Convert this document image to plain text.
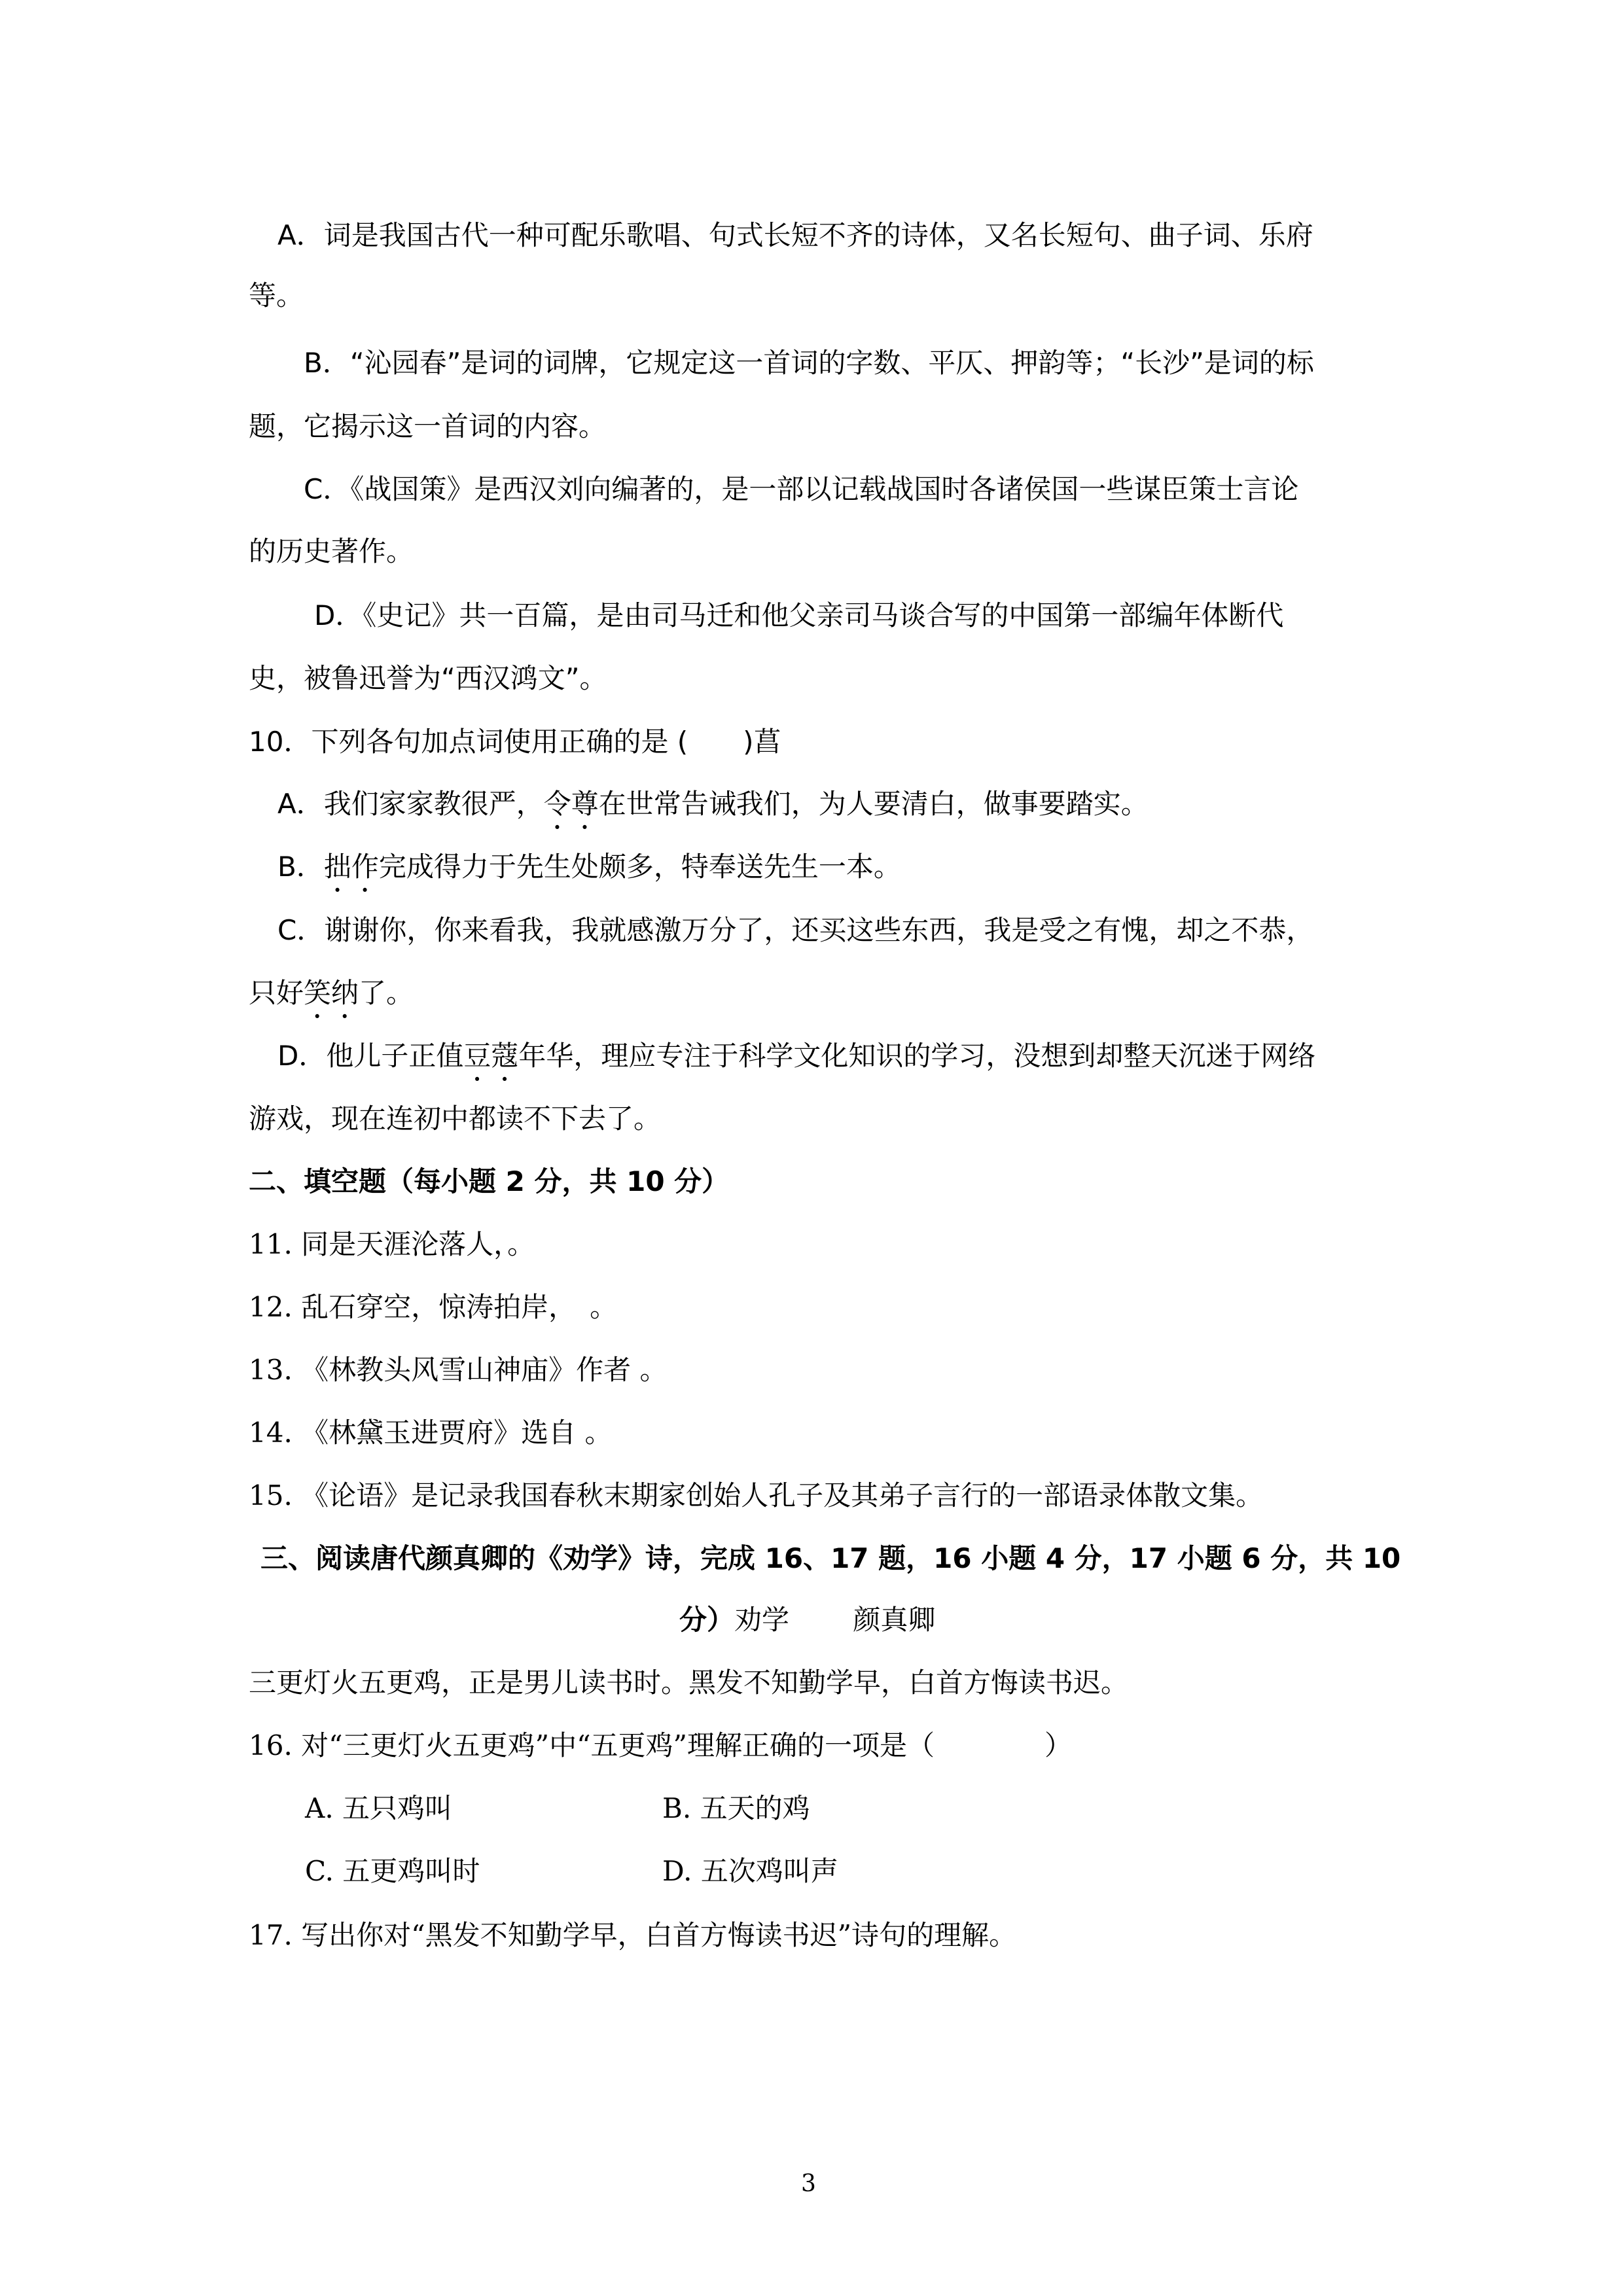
A．词是我国古代一种可配乐歌唱、句式长短不齐的诗体，又名长短句、曲子词、乐府
等。
B．“沁园春”是词的词牌，它规定这一首词的字数、平仄、押韵等；“长沙”是词的标
题，它揭示这一首词的内容。
C．《战国策》是西汉刘向编著的，是一部以记载战国时各诸侯国一些谋臣策士言论
的历史著作。
D．《史记》共一百篇，是由司马迁和他父亲司马谈合写的中国第一部编年体断代
史，被鲁迅誉为“西汉鸿文”。
10．下列各句加点词使用正确的是 (　　)菖
A．我们家家教很严，令尊在世常告诫我们，为人要清白，做事要踏实。
B．拙作完成得力于先生处颇多，特奉送先生一本。
C．谢谢你，你来看我，我就感激万分了，还买这些东西，我是受之有愧，却之不恭，
只好笑纳了。
D．他儿子正值豆蔻年华，理应专注于科学文化知识的学习，没想到却整天沉迷于网络
游戏，现在连初中都读不下去了。
二、填空题（每小题 2 分，共 10 分）
11. 同是天涯沦落人，。
12. 乱石穿空，惊涛拍岸，　。
13. 《林教头风雪山神庙》作者 。
14. 《林黛玉进贾府》选自 。
15. 《论语》是记录我国春秋末期家创始人孔子及其弟子言行的一部语录体散文集。
三、阅读唐代颜真卿的《劝学》诗，完成 16、17 题，16 小题 4 分，17 小题 6 分，共 10
分）劝学　　 颜真卿
三更灯火五更鸡，正是男儿读书时。黑发不知勤学早，白首方悔读书迟。
16. 对“三更灯火五更鸡”中“五更鸡”理解正确的一项是（　　　　）
A. 五只鸡叫	B. 五天的鸡
C. 五更鸡叫时	D. 五次鸡叫声
17. 写出你对“黑发不知勤学早，白首方悔读书迟”诗句的理解。
3
